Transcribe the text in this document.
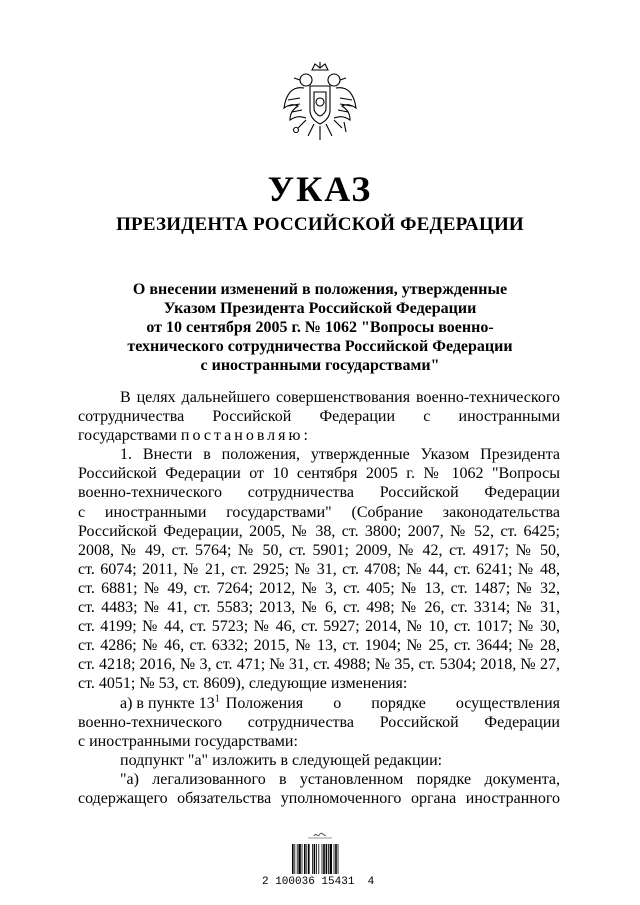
УКАЗ
ПРЕЗИДЕНТА РОССИЙСКОЙ ФЕДЕРАЦИИ
О внесении изменений в положения, утвержденные
Указом Президента Российской Федерации
от 10 сентября 2005 г. № 1062 "Вопросы военно-
технического сотрудничества Российской Федерации
с иностранными государствами"
В целях дальнейшего совершенствования военно-технического
сотрудничества Российской Федерации с иностранными
государствами постановляю:
1. Внести в положения, утвержденные Указом Президента
Российской Федерации от 10 сентября 2005 г. № 1062 "Вопросы
военно-технического сотрудничества Российской Федерации
с иностранными государствами" (Собрание законодательства
Российской Федерации, 2005, № 38, ст. 3800; 2007, № 52, ст. 6425;
2008, № 49, ст. 5764; № 50, ст. 5901; 2009, № 42, ст. 4917; № 50,
ст. 6074; 2011, № 21, ст. 2925; № 31, ст. 4708; № 44, ст. 6241; № 48,
ст. 6881; № 49, ст. 7264; 2012, № 3, ст. 405; № 13, ст. 1487; № 32,
ст. 4483; № 41, ст. 5583; 2013, № 6, ст. 498; № 26, ст. 3314; № 31,
ст. 4199; № 44, ст. 5723; № 46, ст. 5927; 2014, № 10, ст. 1017; № 30,
ст. 4286; № 46, ст. 6332; 2015, № 13, ст. 1904; № 25, ст. 3644; № 28,
ст. 4218; 2016, № 3, ст. 471; № 31, ст. 4988; № 35, ст. 5304; 2018, № 27,
ст. 4051; № 53, ст. 8609), следующие изменения:
а) в пункте $13^1$ Положения о порядке осуществления
военно-технического сотрудничества Российской Федерации
с иностранными государствами:
подпункт "а" изложить в следующей редакции:
"а) легализованного в установленном порядке документа,
содержащего обязательства уполномоченного органа иностранного
2 100036 15431  4
